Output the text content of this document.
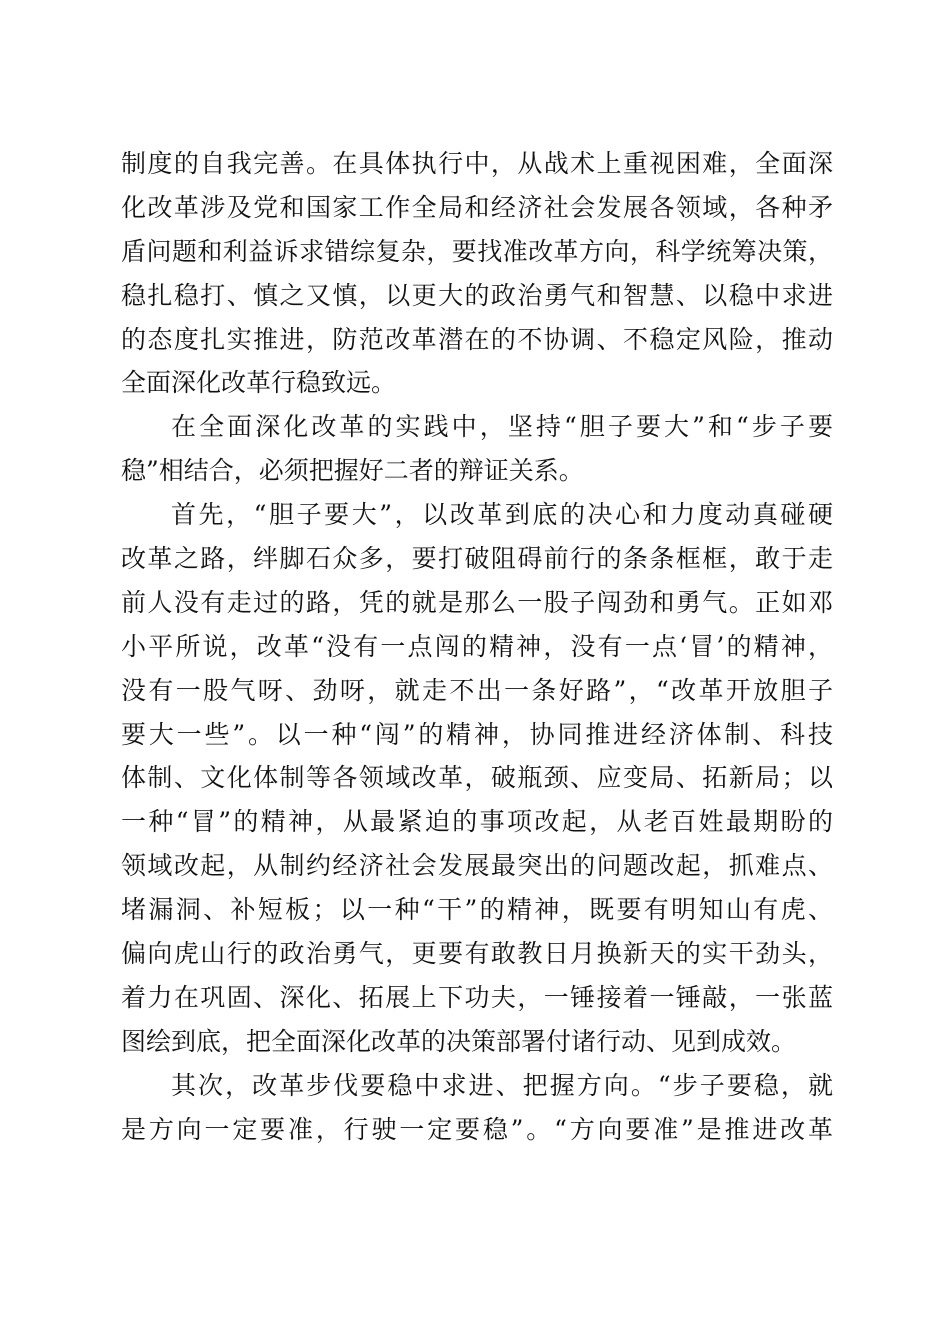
制度的自我完善。在具体执行中，从战术上重视困难，全面深
化改革涉及党和国家工作全局和经济社会发展各领域，各种矛
盾问题和利益诉求错综复杂，要找准改革方向，科学统筹决策，
稳扎稳打、慎之又慎，以更大的政治勇气和智慧、以稳中求进
的态度扎实推进，防范改革潜在的不协调、不稳定风险，推动
全面深化改革行稳致远。
在全面深化改革的实践中，坚持“胆子要大”和“步子要
稳”相结合，必须把握好二者的辩证关系。
首先，“胆子要大”，以改革到底的决心和力度动真碰硬
改革之路，绊脚石众多，要打破阻碍前行的条条框框，敢于走
前人没有走过的路，凭的就是那么一股子闯劲和勇气。正如邓
小平所说，改革“没有一点闯的精神，没有一点‘冒’的精神，
没有一股气呀、劲呀，就走不出一条好路”，“改革开放胆子
要大一些”。以一种“闯”的精神，协同推进经济体制、科技
体制、文化体制等各领域改革，破瓶颈、应变局、拓新局；以
一种“冒”的精神，从最紧迫的事项改起，从老百姓最期盼的
领域改起，从制约经济社会发展最突出的问题改起，抓难点、
堵漏洞、补短板；以一种“干”的精神，既要有明知山有虎、
偏向虎山行的政治勇气，更要有敢教日月换新天的实干劲头，
着力在巩固、深化、拓展上下功夫，一锤接着一锤敲，一张蓝
图绘到底，把全面深化改革的决策部署付诸行动、见到成效。
其次，改革步伐要稳中求进、把握方向。“步子要稳，就
是方向一定要准，行驶一定要稳”。“方向要准”是推进改革
